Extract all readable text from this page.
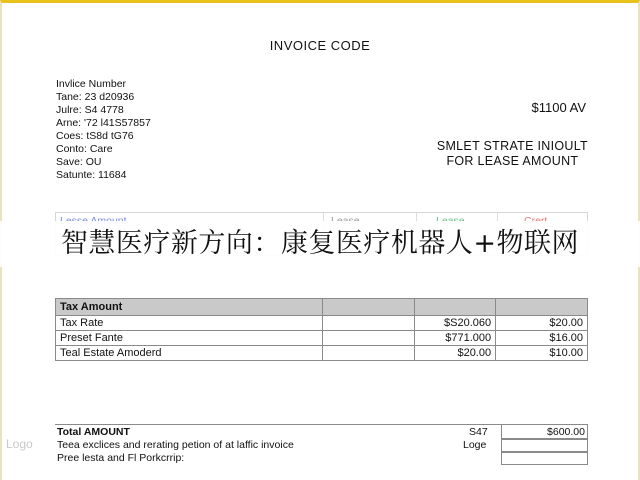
INVOICE CODE
Invlice Number
Tane: 23 d20936
Julre: S4 4778
Arne: '72 l41S57857
Coes: tS8d tG76
Conto: Care
Save: OU
Satunte: 11684
$1100 AV
SMLET STRATE INIOULT
FOR LEASE AMOUNT
智慧医疗新方向：康复医疗机器人+物联网
Tax Amount			
Tax Rate		$S20.060	$20.00
Preset Fante		$771.000	$16.00
Teal Estate Amoderd		$20.00	$10.00
Total AMOUNT	S47	$600.00
Teea exclices and rerating petion of at laffic invoice	Loge
Pree lesta and Fl Porkcrrip:
Logo
